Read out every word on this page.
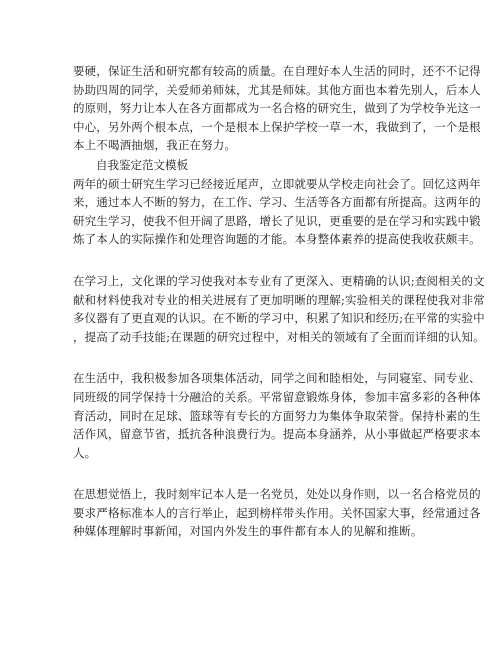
要硬，保证生活和研究都有较高的质量。在自理好本人生活的同时，还不不记得
协助四周的同学，关爱师弟师妹，尤其是师妹。其他方面也本着先别人，后本人
的原则，努力让本人在各方面都成为一名合格的研究生，做到了为学校争光这一
中心，另外两个根本点，一个是根本上保护学校一草一木，我做到了，一个是根
本上不喝酒抽烟，我正在努力。

自我鉴定范文模板

两年的硕士研究生学习已经接近尾声，立即就要从学校走向社会了。回忆这两年
来，通过本人不断的努力，在工作、学习、生活等各方面都有所提高。这两年的
研究生学习，使我不但开阔了思路，增长了见识，更重要的是在学习和实践中锻
炼了本人的实际操作和处理咨询题的才能。本身整体素养的提高使我收获颇丰。

在学习上，文化课的学习使我对本专业有了更深入、更精确的认识;查阅相关的文
献和材料使我对专业的相关进展有了更加明晰的理解;实验相关的课程使我对非常
多仪器有了更直观的认识。在不断的学习中，积累了知识和经历;在平常的实验中
，提高了动手技能;在课题的研究过程中，对相关的领域有了全面而详细的认知。

在生活中，我积极参加各项集体活动，同学之间和睦相处，与同寝室、同专业、
同班级的同学保持十分融洽的关系。平常留意锻炼身体，参加丰富多彩的各种体
育活动，同时在足球、篮球等有专长的方面努力为集体争取荣誉。保持朴素的生
活作风，留意节省，抵抗各种浪费行为。提高本身涵养，从小事做起严格要求本
人。

在思想觉悟上，我时刻牢记本人是一名党员，处处以身作则，以一名合格党员的
要求严格标准本人的言行举止，起到榜样带头作用。关怀国家大事，经常通过各
种媒体理解时事新闻，对国内外发生的事件都有本人的见解和推断。
